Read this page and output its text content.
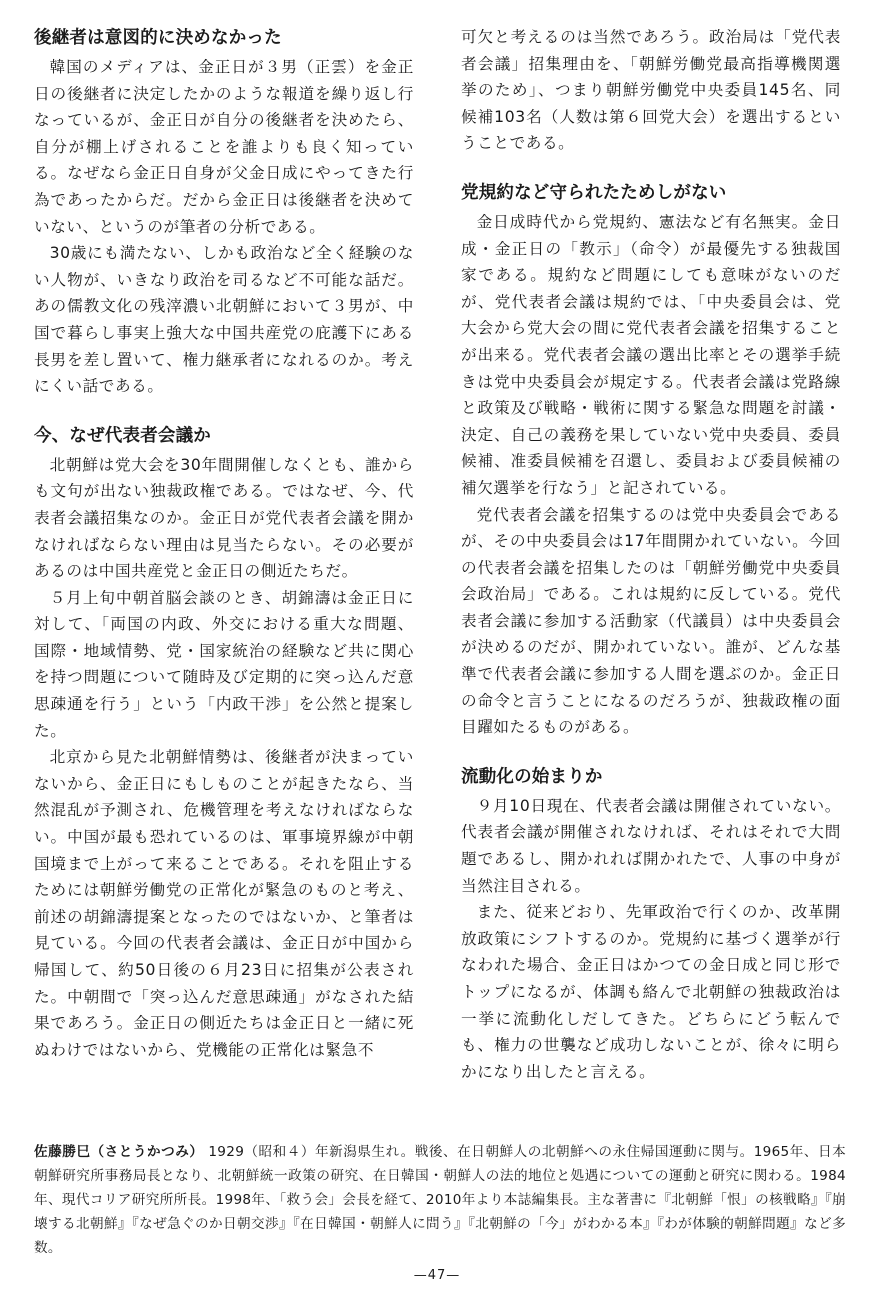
後継者は意図的に決めなかった

韓国のメディアは、金正日が３男（正雲）を金正日の後継者に決定したかのような報道を繰り返し行なっているが、金正日が自分の後継者を決めたら、自分が棚上げされることを誰よりも良く知っている。なぜなら金正日自身が父金日成にやってきた行為であったからだ。だから金正日は後継者を決めていない、というのが筆者の分析である。

30歳にも満たない、しかも政治など全く経験のない人物が、いきなり政治を司るなど不可能な話だ。あの儒教文化の残滓濃い北朝鮮において３男が、中国で暮らし事実上強大な中国共産党の庇護下にある長男を差し置いて、権力継承者になれるのか。考えにくい話である。

今、なぜ代表者会議か

北朝鮮は党大会を30年間開催しなくとも、誰からも文句が出ない独裁政権である。ではなぜ、今、代表者会議招集なのか。金正日が党代表者会議を開かなければならない理由は見当たらない。その必要があるのは中国共産党と金正日の側近たちだ。

５月上旬中朝首脳会談のとき、胡錦濤は金正日に対して、「両国の内政、外交における重大な問題、国際・地域情勢、党・国家統治の経験など共に関心を持つ問題について随時及び定期的に突っ込んだ意思疎通を行う」という「内政干渉」を公然と提案した。

北京から見た北朝鮮情勢は、後継者が決まっていないから、金正日にもしものことが起きたなら、当然混乱が予測され、危機管理を考えなければならない。中国が最も恐れているのは、軍事境界線が中朝国境まで上がって来ることである。それを阻止するためには朝鮮労働党の正常化が緊急のものと考え、前述の胡錦濤提案となったのではないか、と筆者は見ている。今回の代表者会議は、金正日が中国から帰国して、約50日後の６月23日に招集が公表された。中朝間で「突っ込んだ意思疎通」がなされた結果であろう。金正日の側近たちは金正日と一緒に死ぬわけではないから、党機能の正常化は緊急不

可欠と考えるのは当然であろう。政治局は「党代表者会議」招集理由を、「朝鮮労働党最高指導機関選挙のため」、つまり朝鮮労働党中央委員145名、同候補103名（人数は第６回党大会）を選出するということである。

党規約など守られたためしがない

金日成時代から党規約、憲法など有名無実。金日成・金正日の「教示」（命令）が最優先する独裁国家である。規約など問題にしても意味がないのだが、党代表者会議は規約では、「中央委員会は、党大会から党大会の間に党代表者会議を招集することが出来る。党代表者会議の選出比率とその選挙手続きは党中央委員会が規定する。代表者会議は党路線と政策及び戦略・戦術に関する緊急な問題を討議・決定、自己の義務を果していない党中央委員、委員候補、准委員候補を召還し、委員および委員候補の補欠選挙を行なう」と記されている。

党代表者会議を招集するのは党中央委員会であるが、その中央委員会は17年間開かれていない。今回の代表者会議を招集したのは「朝鮮労働党中央委員会政治局」である。これは規約に反している。党代表者会議に参加する活動家（代議員）は中央委員会が決めるのだが、開かれていない。誰が、どんな基準で代表者会議に参加する人間を選ぶのか。金正日の命令と言うことになるのだろうが、独裁政権の面目躍如たるものがある。

流動化の始まりか

９月10日現在、代表者会議は開催されていない。代表者会議が開催されなければ、それはそれで大問題であるし、開かれれば開かれたで、人事の中身が当然注目される。

また、従来どおり、先軍政治で行くのか、改革開放政策にシフトするのか。党規約に基づく選挙が行なわれた場合、金正日はかつての金日成と同じ形でトップになるが、体調も絡んで北朝鮮の独裁政治は一挙に流動化しだしてきた。どちらにどう転んでも、権力の世襲など成功しないことが、徐々に明らかになり出したと言える。

佐藤勝巳（さとうかつみ） 1929（昭和４）年新潟県生れ。戦後、在日朝鮮人の北朝鮮への永住帰国運動に関与。1965年、日本朝鮮研究所事務局長となり、北朝鮮統一政策の研究、在日韓国・朝鮮人の法的地位と処遇についての運動と研究に関わる。1984年、現代コリア研究所所長。1998年、「救う会」会長を経て、2010年より本誌編集長。主な著書に『北朝鮮「恨」の核戦略』『崩壊する北朝鮮』『なぜ急ぐのか日朝交渉』『在日韓国・朝鮮人に問う』『北朝鮮の「今」がわかる本』『わが体験的朝鮮問題』など多数。
—47—
